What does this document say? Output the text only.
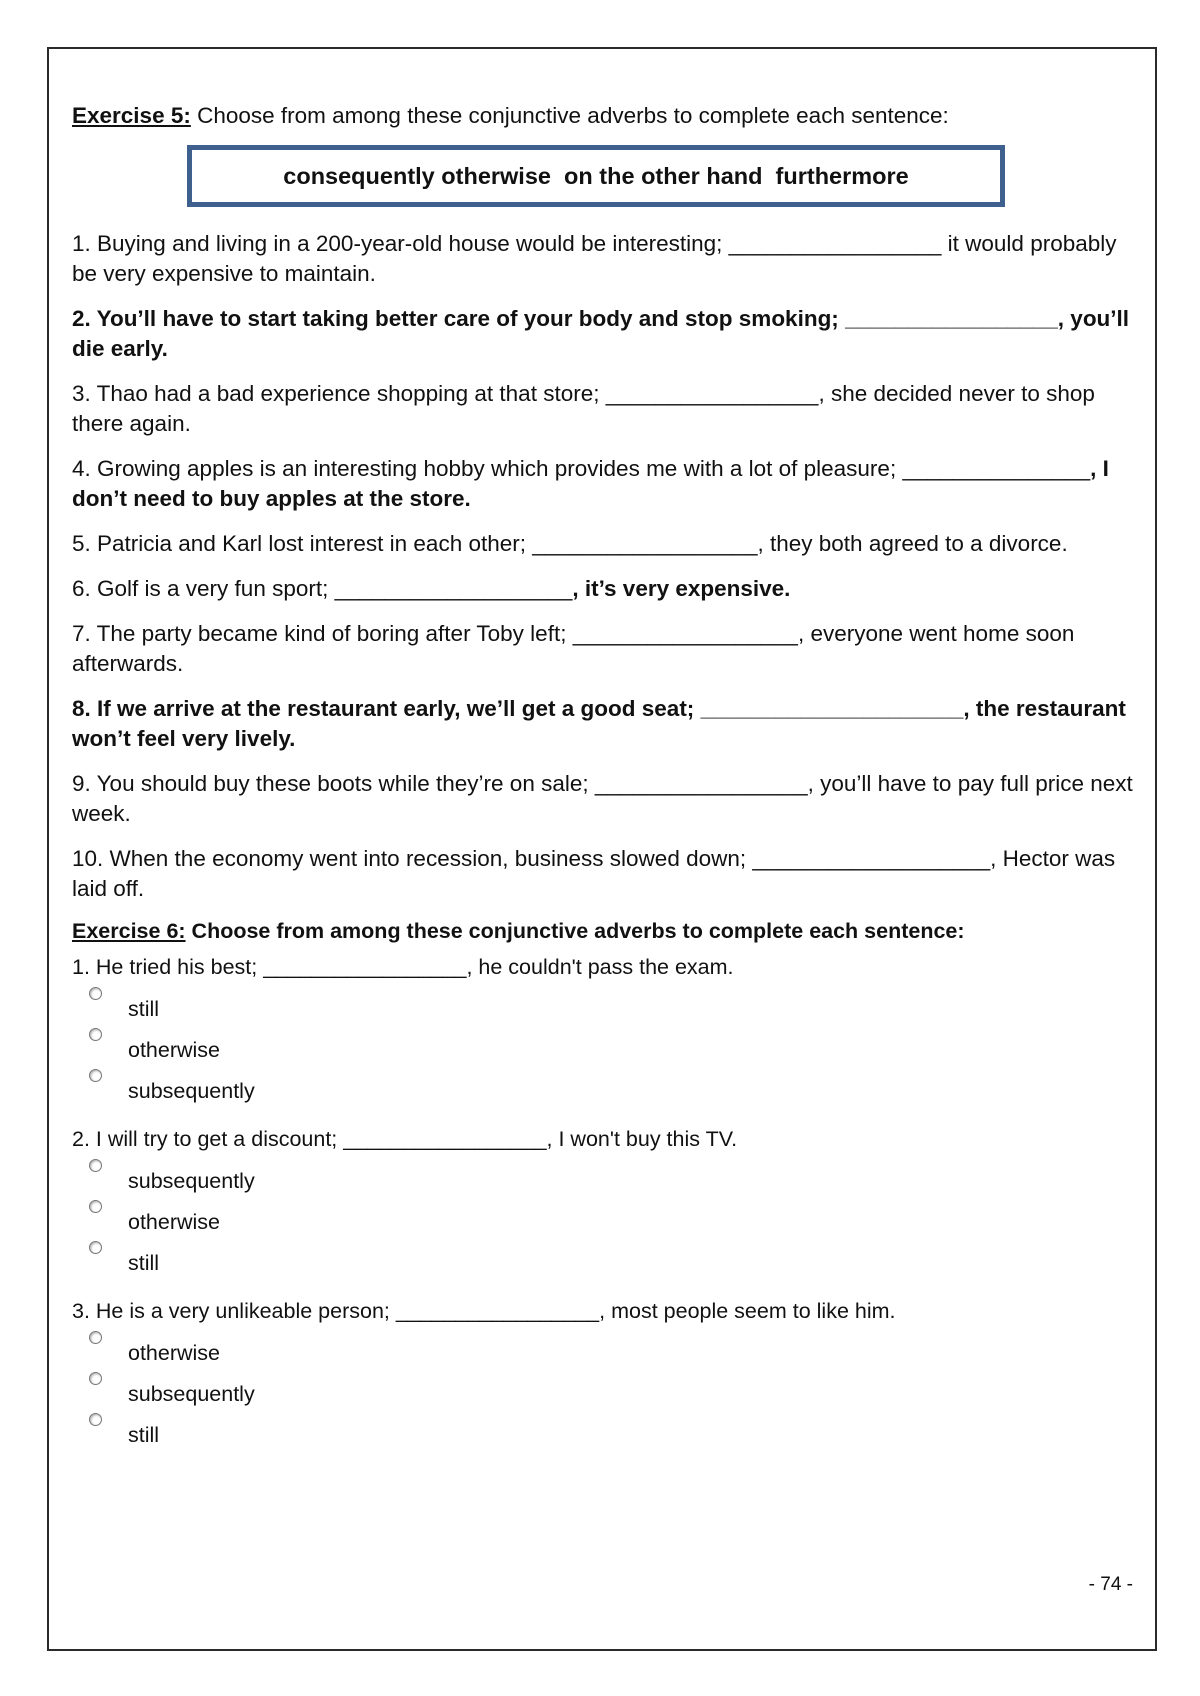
Exercise 5: Choose from among these conjunctive adverbs to complete each sentence:
consequently
otherwise
on the other hand
furthermore
1. Buying and living in a 200-year-old house would be interesting; _________________ it would probably be very expensive to maintain.
2. You’ll have to start taking better care of your body and stop smoking; _________________, you’ll die early.
3. Thao had a bad experience shopping at that store; _________________, she decided never to shop there again.
4. Growing apples is an interesting hobby which provides me with a lot of pleasure; _______________, I don’t need to buy apples at the store.
5. Patricia and Karl lost interest in each other; __________________, they both agreed to a divorce.
6. Golf is a very fun sport; ___________________, it’s very expensive.
7. The party became kind of boring after Toby left; __________________, everyone went home soon afterwards.
8. If we arrive at the restaurant early, we’ll get a good seat; _____________________, the restaurant won’t feel very lively.
9. You should buy these boots while they’re on sale; _________________, you’ll have to pay full price next week.
10. When the economy went into recession, business slowed down; ___________________, Hector was laid off.
Exercise 6: Choose from among these conjunctive adverbs to complete each sentence:
1. He tried his best; _________________, he couldn't pass the exam.
still
otherwise
subsequently
2. I will try to get a discount; _________________, I won't buy this TV.
subsequently
otherwise
still
3. He is a very unlikeable person; _________________, most people seem to like him.
otherwise
subsequently
still
- 74 -
